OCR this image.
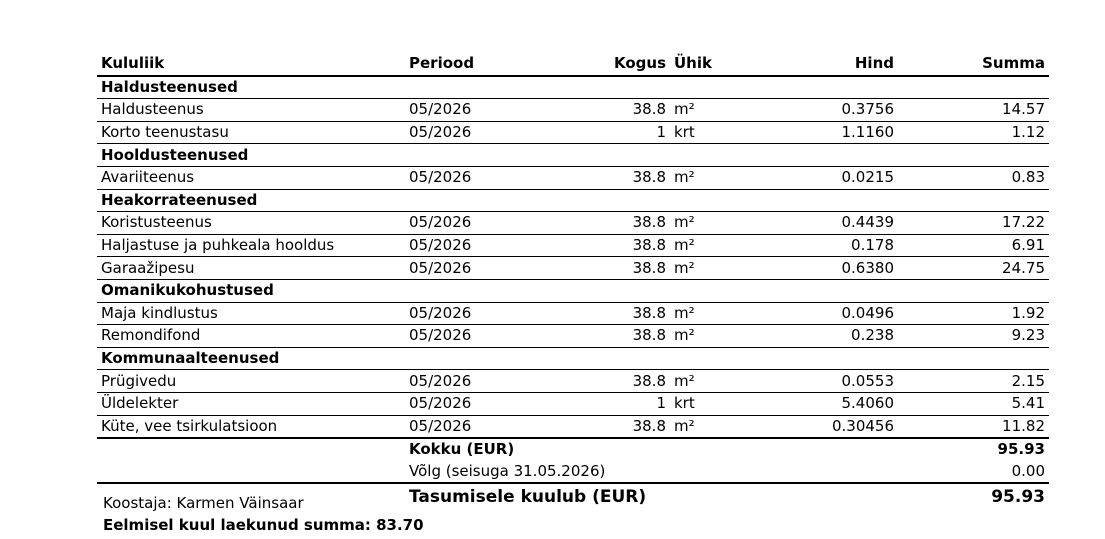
Kululiik	Periood	Kogus	Ühik	Hind	Summa
Haldusteenused					
Haldusteenus	05/2026	38.8	m²	0.3756	14.57
Korto teenustasu	05/2026	1	krt	1.1160	1.12
Hooldusteenused					
Avariiteenus	05/2026	38.8	m²	0.0215	0.83
Heakorrateenused					
Koristusteenus	05/2026	38.8	m²	0.4439	17.22
Haljastuse ja puhkeala hooldus	05/2026	38.8	m²	0.178	6.91
Garaažipesu	05/2026	38.8	m²	0.6380	24.75
Omanikukohustused					
Maja kindlustus	05/2026	38.8	m²	0.0496	1.92
Remondifond	05/2026	38.8	m²	0.238	9.23
Kommunaalteenused					
Prügivedu	05/2026	38.8	m²	0.0553	2.15
Üldelekter	05/2026	1	krt	5.4060	5.41
Küte, vee tsirkulatsioon	05/2026	38.8	m²	0.30456	11.82
	Kokku (EUR)				95.93
	Võlg (seisuga 31.05.2026)				0.00
	Tasumisele kuulub (EUR)				95.93
Koostaja: Karmen Väinsaar
Eelmisel kuul laekunud summa: 83.70
